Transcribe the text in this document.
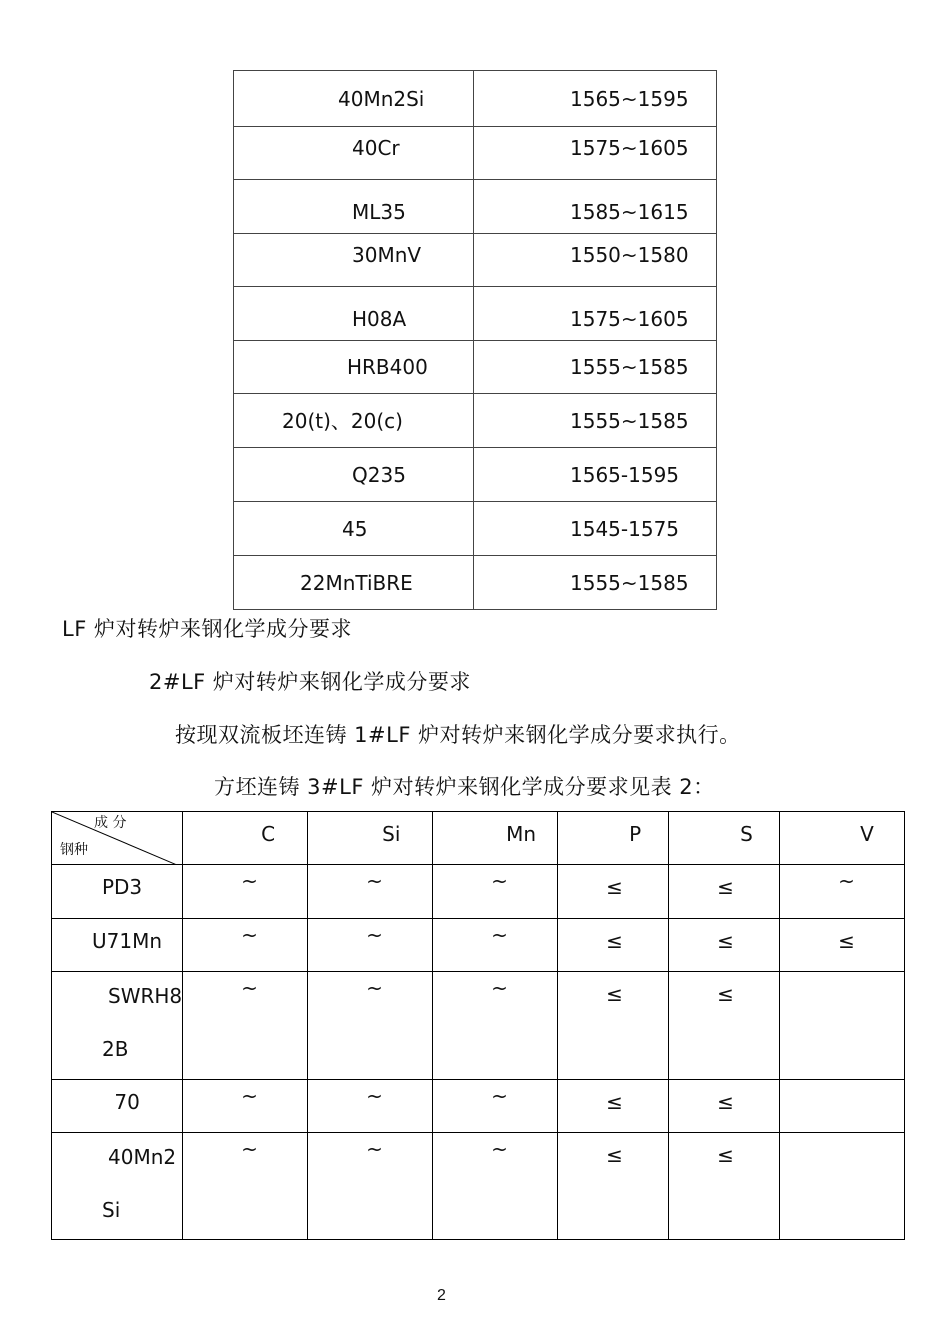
40Mn2Si	1565~1595
40Cr	1575~1605
ML35	1585~1615
30MnV	1550~1580
H08A	1575~1605
HRB400	1555~1585
20(t)、20(c)	1555~1585
Q235	1565-1595
45	1545-1575
22MnTiBRE	1555~1585
LF 炉对转炉来钢化学成分要求
2#LF 炉对转炉来钢化学成分要求
按现双流板坯连铸 1#LF 炉对转炉来钢化学成分要求执行。
方坯连铸 3#LF 炉对转炉来钢化学成分要求见表 2：
成 分
钢种	C	Si	Mn	P	S	V
PD3	~	~	~	≤	≤	~
U71Mn	~	~	~	≤	≤	≤

SWRH8
2B	~	~	~	≤	≤	
70	~	~	~	≤	≤	

40Mn2
Si	~	~	~	≤	≤	
2
